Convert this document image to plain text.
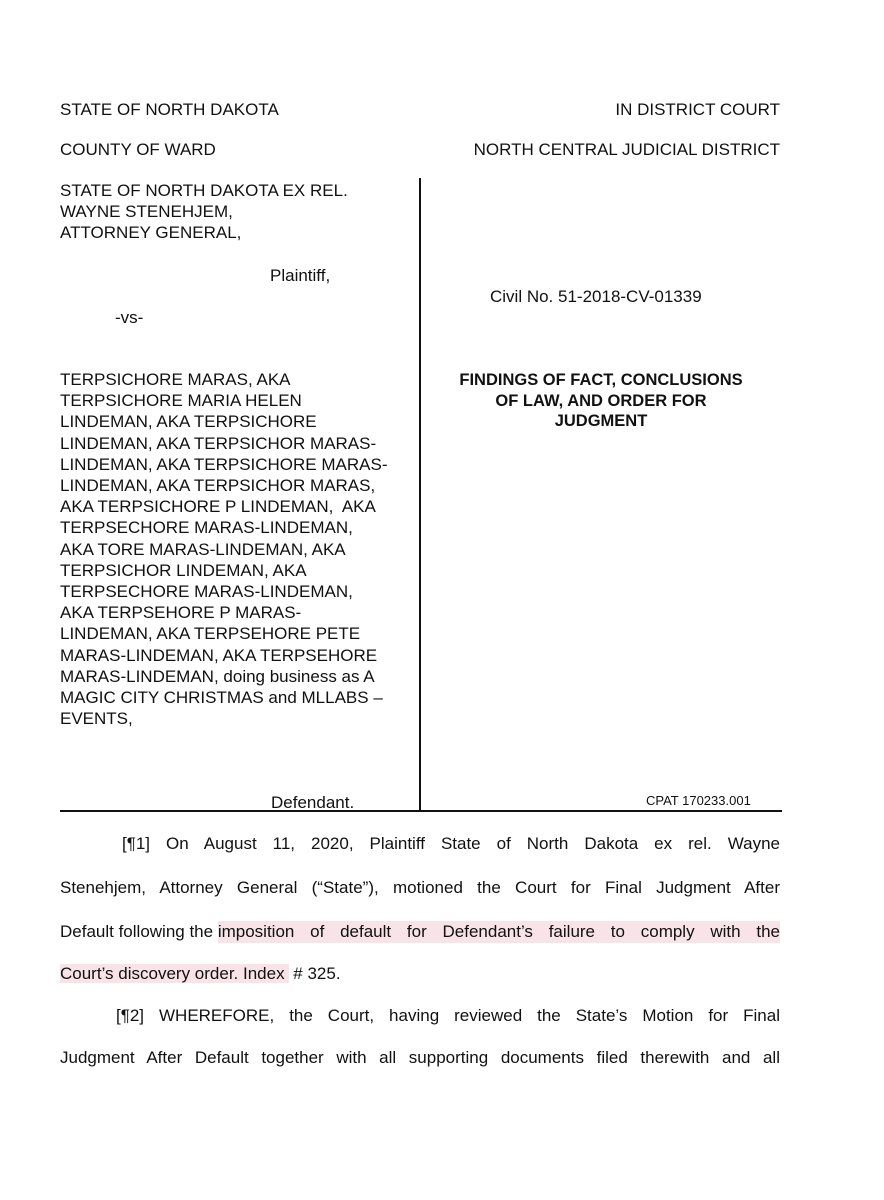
STATE OF NORTH DAKOTA	IN DISTRICT COURT
COUNTY OF WARD	NORTH CENTRAL JUDICIAL DISTRICT
STATE OF NORTH DAKOTA EX REL.
WAYNE STENEHJEM,
ATTORNEY GENERAL,
Plaintiff,
-vs-
TERPSICHORE MARAS, AKA
TERPSICHORE MARIA HELEN
LINDEMAN, AKA TERPSICHORE
LINDEMAN, AKA TERPSICHOR MARAS-
LINDEMAN, AKA TERPSICHORE MARAS-
LINDEMAN, AKA TERPSICHOR MARAS,
AKA TERPSICHORE P LINDEMAN,  AKA
TERPSECHORE MARAS-LINDEMAN,
AKA TORE MARAS-LINDEMAN, AKA
TERPSICHOR LINDEMAN, AKA
TERPSECHORE MARAS-LINDEMAN,
AKA TERPSEHORE P MARAS-
LINDEMAN, AKA TERPSEHORE PETE
MARAS-LINDEMAN, AKA TERPSEHORE
MARAS-LINDEMAN, doing business as A
MAGIC CITY CHRISTMAS and MLLABS –
EVENTS,
Defendant.
Civil No. 51-2018-CV-01339
FINDINGS OF FACT, CONCLUSIONS
OF LAW, AND ORDER FOR
JUDGMENT
CPAT 170233.001
[¶1] On August 11, 2020, Plaintiff State of North Dakota ex rel. Wayne
Stenehjem, Attorney General (“State”), motioned the Court for Final Judgment After
Default following the imposition of default for Defendant’s failure to comply with the
Court’s discovery order. Index # 325.
[¶2] WHEREFORE, the Court, having reviewed the State’s Motion for Final
Judgment After Default together with all supporting documents filed therewith and all
